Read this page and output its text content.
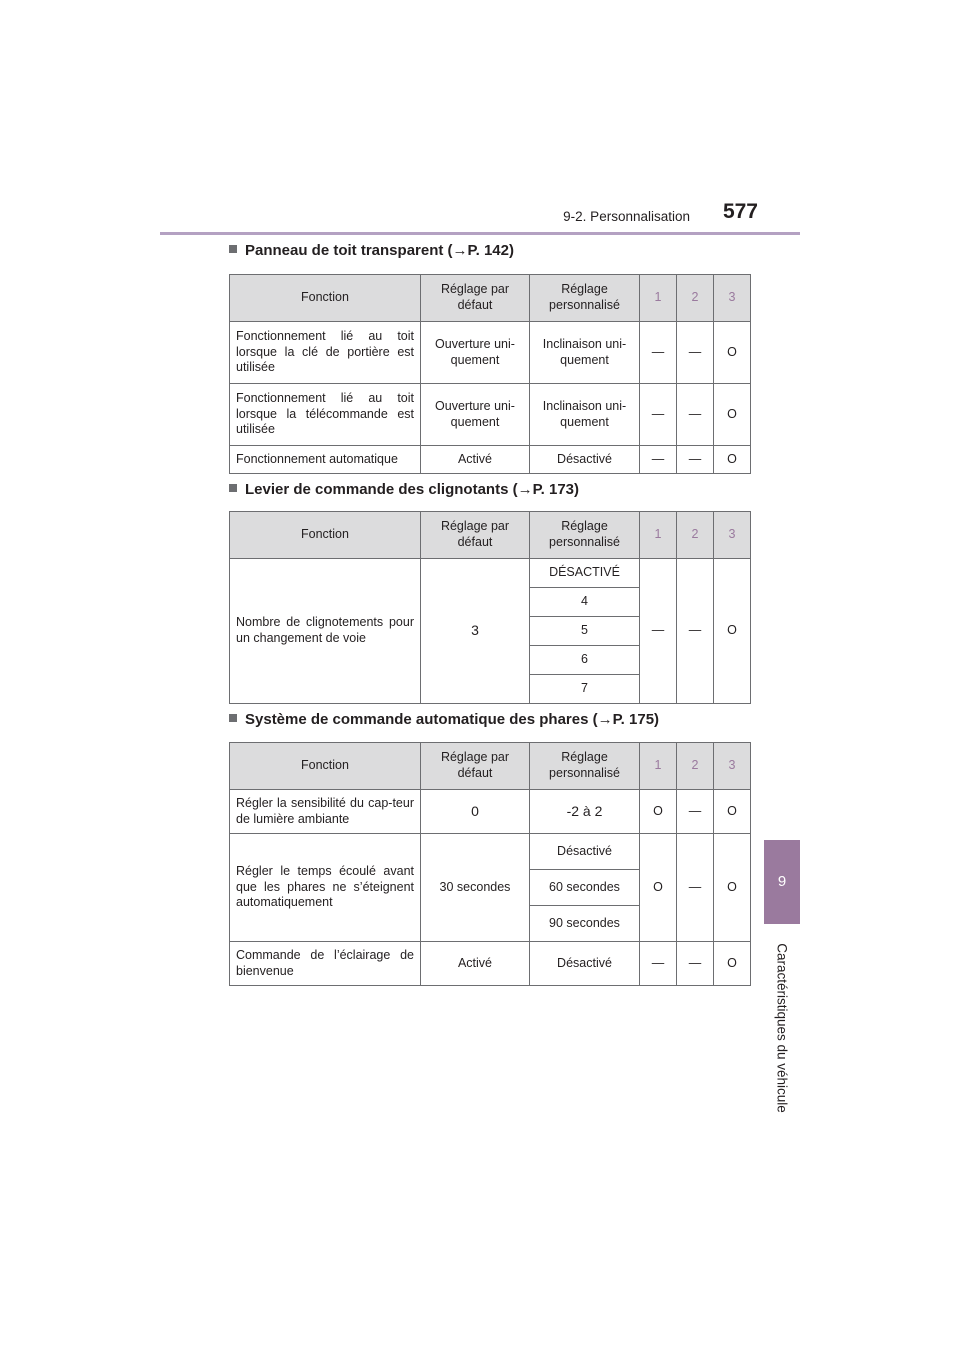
9-2. Personnalisation	577
9
Caractéristiques du véhicule
Panneau de toit transparent (→P. 142)
Fonction	Réglage par défaut	Réglage personnalisé	1	2	3
Fonctionnement lié au toit lorsque la clé de portière est utilisée	Ouverture uni-quement	Inclinaison uni-quement	—	—	O
Fonctionnement lié au toit lorsque la télécommande est utilisée	Ouverture uni-quement	Inclinaison uni-quement	—	—	O
Fonctionnement automatique	Activé	Désactivé	—	—	O
Levier de commande des clignotants (→P. 173)
Fonction	Réglage par défaut	Réglage personnalisé	1	2	3
Nombre de clignotements pour un changement de voie	3	DÉSACTIVÉ	—	—	O
		4			
		5			
		6			
		7			
Système de commande automatique des phares (→P. 175)
Fonction	Réglage par défaut	Réglage personnalisé	1	2	3
Régler la sensibilité du cap-teur de lumière ambiante	0	-2 à 2	O	—	O
Régler le temps écoulé avant que les phares ne s’éteignent automatiquement	30 secondes	Désactivé	O	—	O
		60 secondes			
		90 secondes			
Commande de l’éclairage de bienvenue	Activé	Désactivé	—	—	O
